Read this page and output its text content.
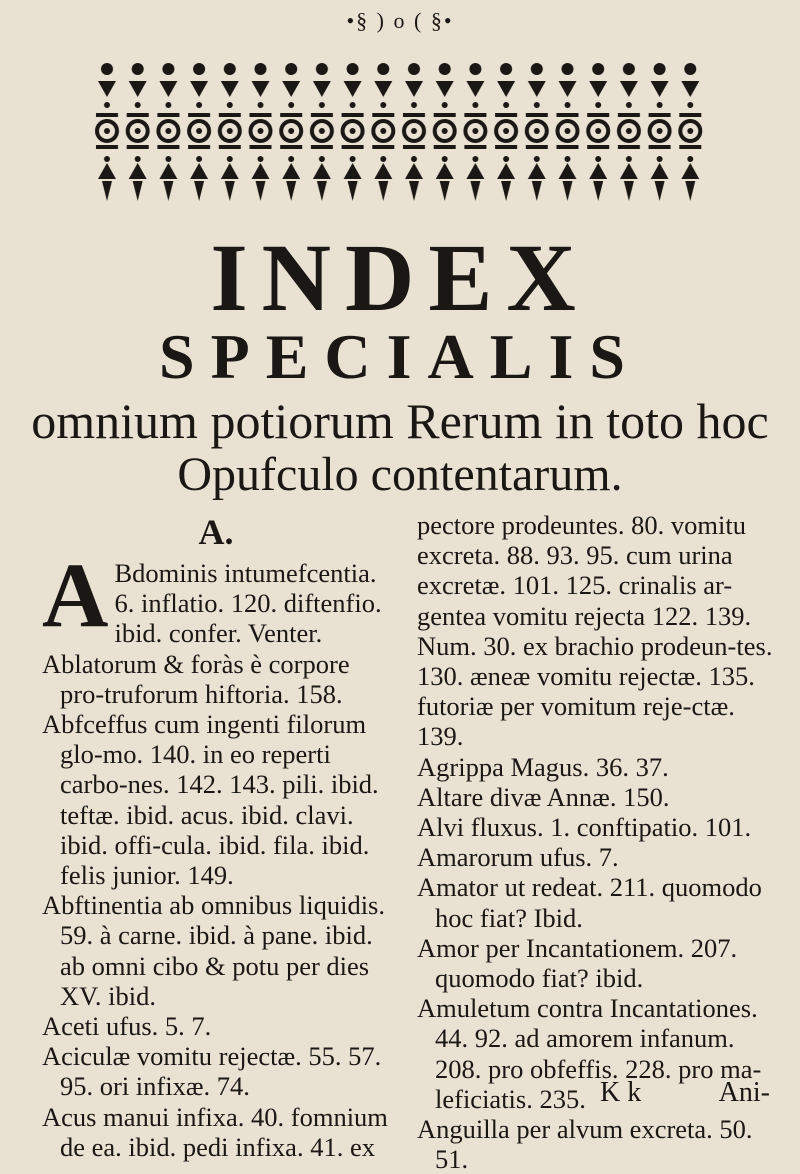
•§ ) o ( §•
INDEX
SPECIALIS
omnium potiorum Rerum in toto hoc
Opufculo contentarum.
A.

ABdominis intumefcentia. 6. inflatio. 120. diftenfio. ibid. confer. Venter.

Ablatorum & foràs è corpore pro-truforum hiftoria. 158.

Abfceffus cum ingenti filorum glo-mo. 140. in eo reperti carbo-nes. 142. 143. pili. ibid. teftæ. ibid. acus. ibid. clavi. ibid. offi-cula. ibid. fila. ibid. felis junior. 149.

Abftinentia ab omnibus liquidis. 59. à carne. ibid. à pane. ibid. ab omni cibo & potu per dies XV. ibid.

Aceti ufus. 5. 7.

Aciculæ vomitu rejectæ. 55. 57. 95. ori infixæ. 74.

Acus manui infixa. 40. fomnium de ea. ibid. pedi infixa. 41. ex

pectore prodeuntes. 80. vomitu excreta. 88. 93. 95. cum urina excretæ. 101. 125. crinalis ar-gentea vomitu rejecta 122. 139. Num. 30. ex brachio prodeun-tes. 130. æneæ vomitu rejectæ. 135. futoriæ per vomitum reje-ctæ. 139.

Agrippa Magus. 36. 37.

Altare divæ Annæ. 150.

Alvi fluxus. 1. conftipatio. 101.

Amarorum ufus. 7.

Amator ut redeat. 211. quomodo hoc fiat? Ibid.

Amor per Incantationem. 207. quomodo fiat? ibid.

Amuletum contra Incantationes. 44. 92. ad amorem infanum. 208. pro obfeffis. 228. pro ma-leficiatis. 235.

Anguilla per alvum excreta. 50. 51.

K k	Ani-
